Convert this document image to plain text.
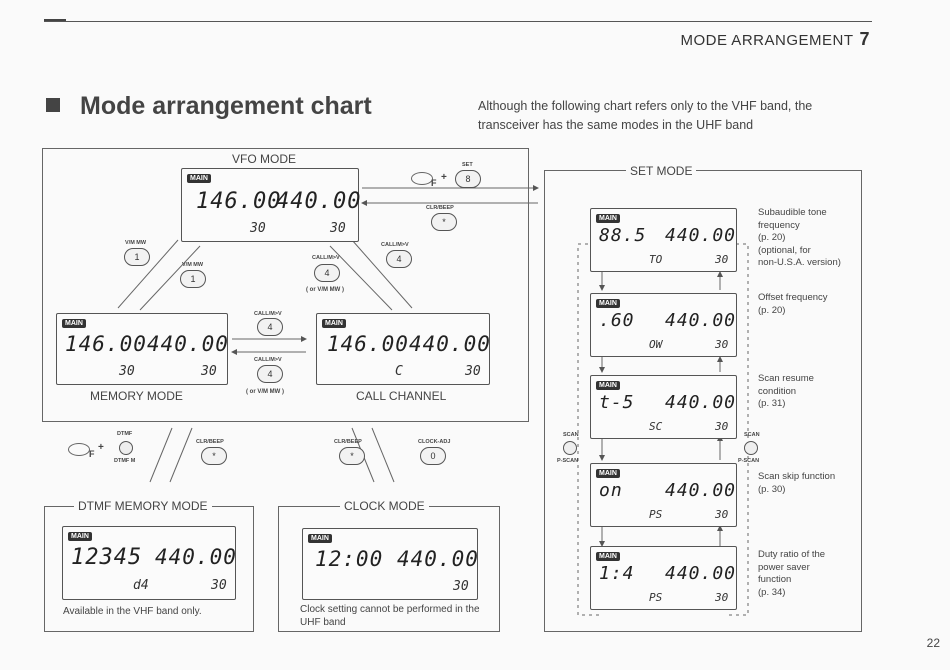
MODE ARRANGEMENT 7
Mode arrangement chart	Although the following chart refers only to the VHF band, the transceiver has the same modes in the UHF band
VFO MODE
MAIN
146.00
440.00
30	30
V/M MW
1
V/M MW
1
CALL/M>V
4
CALL/M>V
4
( or V/M MW )
F +
SET
8
CLR/BEEP
*
MAIN
146.00 440.00
30	30
MEMORY MODE
CALL/M>V
4
CALL/M>V
4
( or V/M MW )
MAIN
146.00 440.00
C	30
CALL CHANNEL
F
+
DTMF
DTMF M
CLR/BEEP
*
CLR/BEEP
*
CLOCK-ADJ
0
DTMF MEMORY MODE
MAIN
12345 440.00
d4	30
Available in the VHF band only.
CLOCK MODE
MAIN
12:00 440.00
30
Clock setting cannot be performed in the UHF band
SET MODE
MAIN
88.5 440.00
TO	30
Subaudible tone
frequency
(p. 20)
(optional, for
non-U.S.A. version)
MAIN
.60 440.00
OW	30
Offset frequency
(p. 20)
MAIN
t-5 440.00
SC	30
Scan resume
condition
(p. 31)
MAIN
on 440.00
PS	30
Scan skip function
(p. 30)
MAIN
1:4 440.00
PS	30
Duty ratio of the
power saver
function
(p. 34)
SCAN
P-SCAN
SCAN
P-SCAN
22
